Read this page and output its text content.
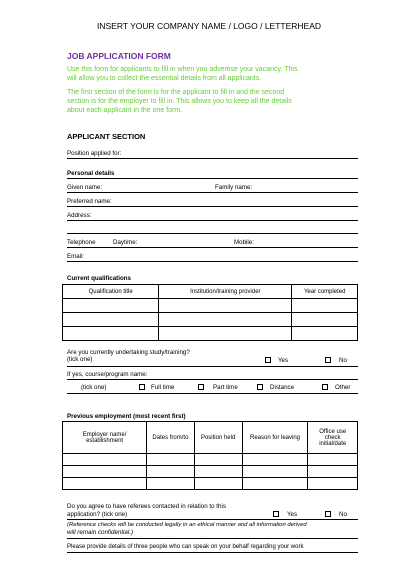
INSERT YOUR COMPANY NAME / LOGO / LETTERHEAD
JOB APPLICATION FORM
Use this form for applicants to fill in when you advertise your vacancy. This
will allow you to collect the essential details from all applicants.
The first section of the form is for the applicant to fill in and the second
section is for the employer to fill in. This allows you to keep all the details
about each applicant in the one form.
APPLICANT SECTION
Position applied for:
Personal details
Given name:	Family name:
Preferred name:
Address:
Telephone	Daytime:	Mobile:
Email:
Current qualifications
Qualification title	Institution/training provider	Year completed

Are you currently undertaking study/training?
(tick one)	Yes	No
If yes, course/program name:
(tick one)	Full time	Part time	Distance	Other
Previous employment (most recent first)
Employer name/ establishment	Dates from/to	Position held	Reason for leaving	Office use check initial/date

Do you agree to have referees contacted in relation to this
application? (tick one)	Yes	No
(Reference checks will be conducted legally in an ethical manner and all information derived
will remain confidential.)
Please provide details of three people who can speak on your behalf regarding your work
